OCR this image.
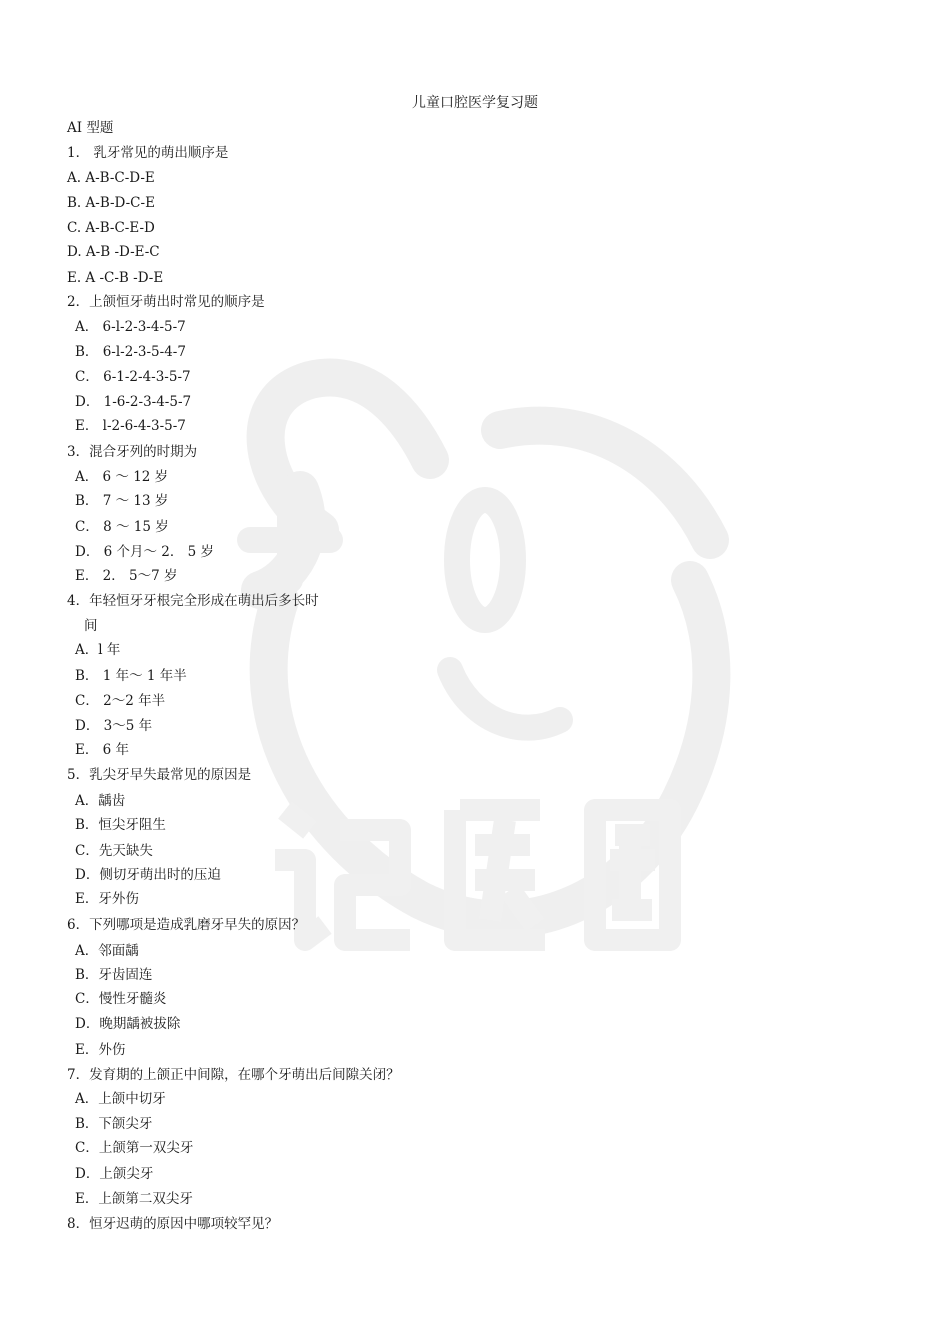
儿童口腔医学复习题
AI 型题
1． 乳牙常见的萌出顺序是
A. A-B-C-D-E
B. A-B-D-C-E
C. A-B-C-E-D
D. A-B -D-E-C
E. A -C-B -D-E
2．上颌恒牙萌出时常见的顺序是
A． 6-l-2-3-4-5-7
B． 6-l-2-3-5-4-7
C． 6-1-2-4-3-5-7
D． 1-6-2-3-4-5-7
E． l-2-6-4-3-5-7
3．混合牙列的时期为
A． 6 ～ 12 岁
B． 7 ～ 13 岁
C． 8 ～ 15 岁
D． 6 个月～ 2． 5 岁
E． 2． 5～7 岁
4．年轻恒牙牙根完全形成在萌出后多长时
间
A．l 年
B． 1 年～ 1 年半
C． 2～2 年半
D． 3～5 年
E． 6 年
5．乳尖牙早失最常见的原因是
A．龋齿
B．恒尖牙阻生
C．先天缺失
D．侧切牙萌出时的压迫
E．牙外伤
6．下列哪项是造成乳磨牙早失的原因？
A．邻面龋
B．牙齿固连
C．慢性牙髓炎
D．晚期龋被拔除
E．外伤
7．发育期的上颌正中间隙，在哪个牙萌出后间隙关闭？
A．上颌中切牙
B．下颌尖牙
C．上颌第一双尖牙
D．上颌尖牙
E．上颌第二双尖牙
8．恒牙迟萌的原因中哪项较罕见？
